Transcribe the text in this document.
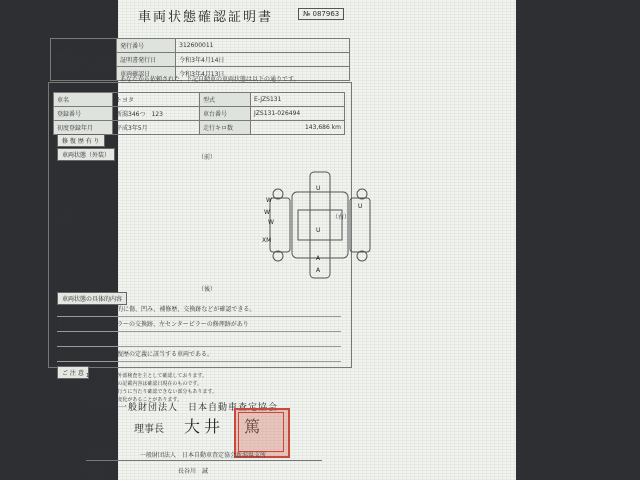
車両状態確認証明書	№ 087963
依頼者
(株)G－クリエイト 様	発行番号	312600011
	証明書発行日	令和3年4月14日
	車両確認日	令和3年4月13日
あなたから依頼された、下記自動車の車両状態は以下の通りです。
車名	トヨタ	型式	E-JZS131
登録番号	新潟346つ　123	車台番号	JZS131-026494
初度登録年月	平成3年5月	走行キロ数	143,686 km
修 復 歴 有 り
車両状態（外装）	（前）
（後）
（左）	（右）
W
W
W
U
U
XM
U
A
A
車両状態の具体的内容
車両画像の通り、全体的に傷、凹み、補修歴、交換跡などが確認できる。
骨格部ではフロントピラーの交換跡、左センターピラーの修理跡があり
裏面当協会の定める修復歴の定義に該当する車両である。
ご 注 意 1. 車両検査は外部検査を主として確認しております。
2. 検査証明書の記載内容は確認日現在のものです。
3. 車両検査を行うに当たり確認できない部分もあります。
4. 今後状態の変化があることがあります。
一般財団法人　日本自動車査定協会
理事長 大井　篤
支 所 名	一般財団法人　日本自動車査定協会新潟県支所
検査員	長谷川　誠
